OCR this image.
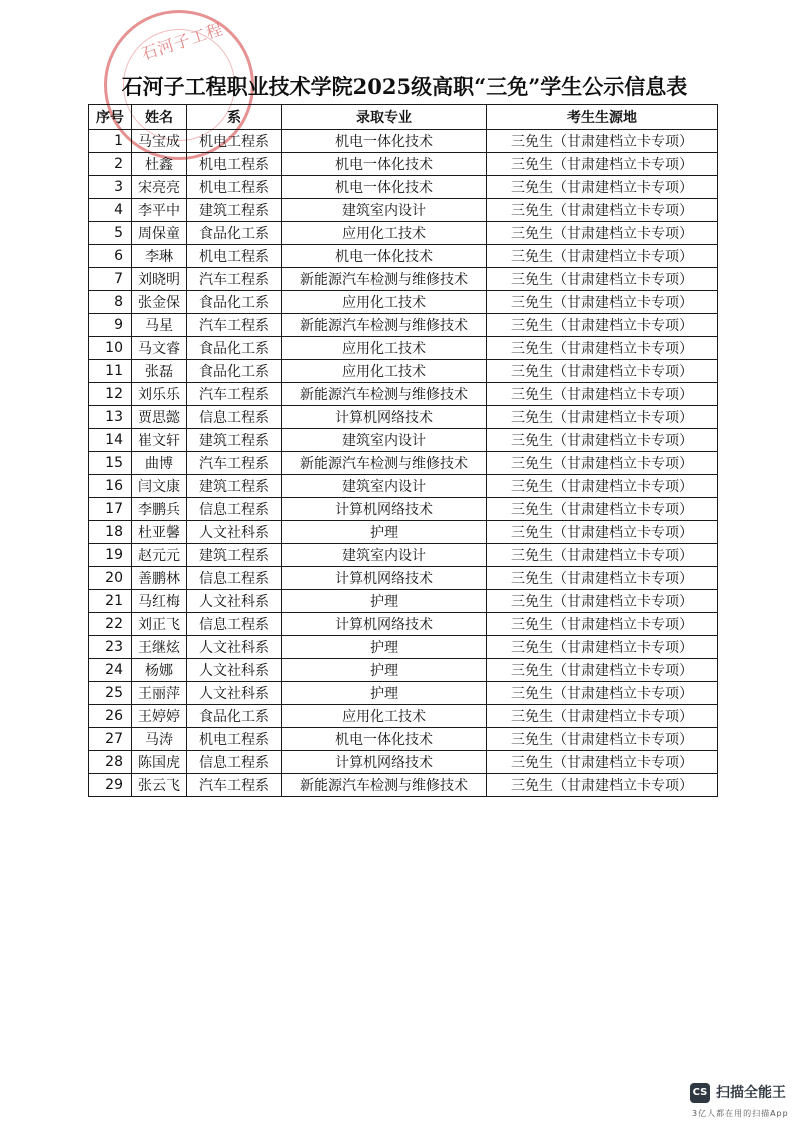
石河子工程
石河子工程职业技术学院2025级高职“三免”学生公示信息表
序号	姓名	系	录取专业	考生生源地
1	马宝成	机电工程系	机电一体化技术	三免生（甘肃建档立卡专项）
2	杜鑫	机电工程系	机电一体化技术	三免生（甘肃建档立卡专项）
3	宋亮亮	机电工程系	机电一体化技术	三免生（甘肃建档立卡专项）
4	李平中	建筑工程系	建筑室内设计	三免生（甘肃建档立卡专项）
5	周保童	食品化工系	应用化工技术	三免生（甘肃建档立卡专项）
6	李琳	机电工程系	机电一体化技术	三免生（甘肃建档立卡专项）
7	刘晓明	汽车工程系	新能源汽车检测与维修技术	三免生（甘肃建档立卡专项）
8	张金保	食品化工系	应用化工技术	三免生（甘肃建档立卡专项）
9	马星	汽车工程系	新能源汽车检测与维修技术	三免生（甘肃建档立卡专项）
10	马文睿	食品化工系	应用化工技术	三免生（甘肃建档立卡专项）
11	张磊	食品化工系	应用化工技术	三免生（甘肃建档立卡专项）
12	刘乐乐	汽车工程系	新能源汽车检测与维修技术	三免生（甘肃建档立卡专项）
13	贾思懿	信息工程系	计算机网络技术	三免生（甘肃建档立卡专项）
14	崔文轩	建筑工程系	建筑室内设计	三免生（甘肃建档立卡专项）
15	曲博	汽车工程系	新能源汽车检测与维修技术	三免生（甘肃建档立卡专项）
16	闫文康	建筑工程系	建筑室内设计	三免生（甘肃建档立卡专项）
17	李鹏兵	信息工程系	计算机网络技术	三免生（甘肃建档立卡专项）
18	杜亚馨	人文社科系	护理	三免生（甘肃建档立卡专项）
19	赵元元	建筑工程系	建筑室内设计	三免生（甘肃建档立卡专项）
20	善鹏林	信息工程系	计算机网络技术	三免生（甘肃建档立卡专项）
21	马红梅	人文社科系	护理	三免生（甘肃建档立卡专项）
22	刘正飞	信息工程系	计算机网络技术	三免生（甘肃建档立卡专项）
23	王继炫	人文社科系	护理	三免生（甘肃建档立卡专项）
24	杨娜	人文社科系	护理	三免生（甘肃建档立卡专项）
25	王丽萍	人文社科系	护理	三免生（甘肃建档立卡专项）
26	王婷婷	食品化工系	应用化工技术	三免生（甘肃建档立卡专项）
27	马涛	机电工程系	机电一体化技术	三免生（甘肃建档立卡专项）
28	陈国虎	信息工程系	计算机网络技术	三免生（甘肃建档立卡专项）
29	张云飞	汽车工程系	新能源汽车检测与维修技术	三免生（甘肃建档立卡专项）
CS 扫描全能王
3亿人都在用的扫描App
